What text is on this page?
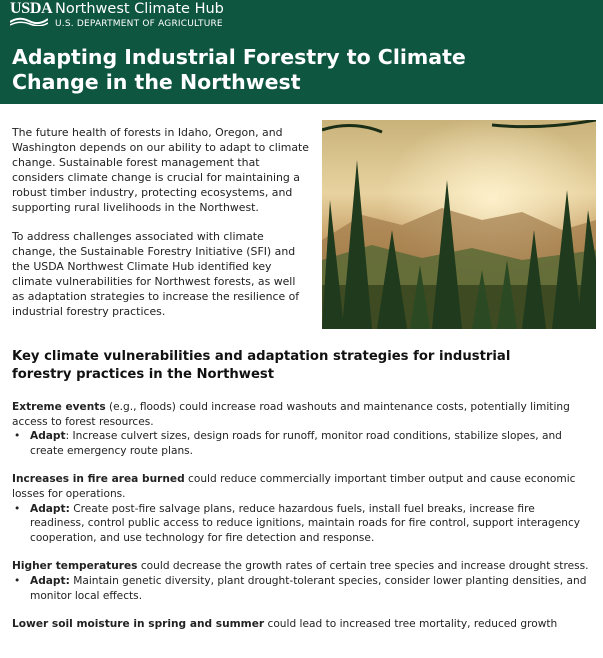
USDA Northwest Climate Hub
U.S. DEPARTMENT OF AGRICULTURE
Adapting Industrial Forestry to Climate Change in the Northwest

The future health of forests in Idaho, Oregon, and Washington depends on our ability to adapt to climate change. Sustainable forest management that considers climate change is crucial for maintaining a robust timber industry, protecting ecosystems, and supporting rural livelihoods in the Northwest.

To address challenges associated with climate change, the Sustainable Forestry Initiative (SFI) and the USDA Northwest Climate Hub identified key climate vulnerabilities for Northwest forests, as well as adaptation strategies to increase the resilience of industrial forestry practices.

Key climate vulnerabilities and adaptation strategies for industrial forestry practices in the Northwest
Extreme events (e.g., floods) could increase road washouts and maintenance costs, potentially limiting access to forest resources.
• Adapt: Increase culvert sizes, design roads for runoff, monitor road conditions, stabilize slopes, and create emergency route plans.
Increases in fire area burned could reduce commercially important timber output and cause economic losses for operations.
• Adapt: Create post-fire salvage plans, reduce hazardous fuels, install fuel breaks, increase fire readiness, control public access to reduce ignitions, maintain roads for fire control, support interagency cooperation, and use technology for fire detection and response.
Higher temperatures could decrease the growth rates of certain tree species and increase drought stress.
• Adapt: Maintain genetic diversity, plant drought-tolerant species, consider lower planting densities, and monitor local effects.
Lower soil moisture in spring and summer could lead to increased tree mortality, reduced growth
